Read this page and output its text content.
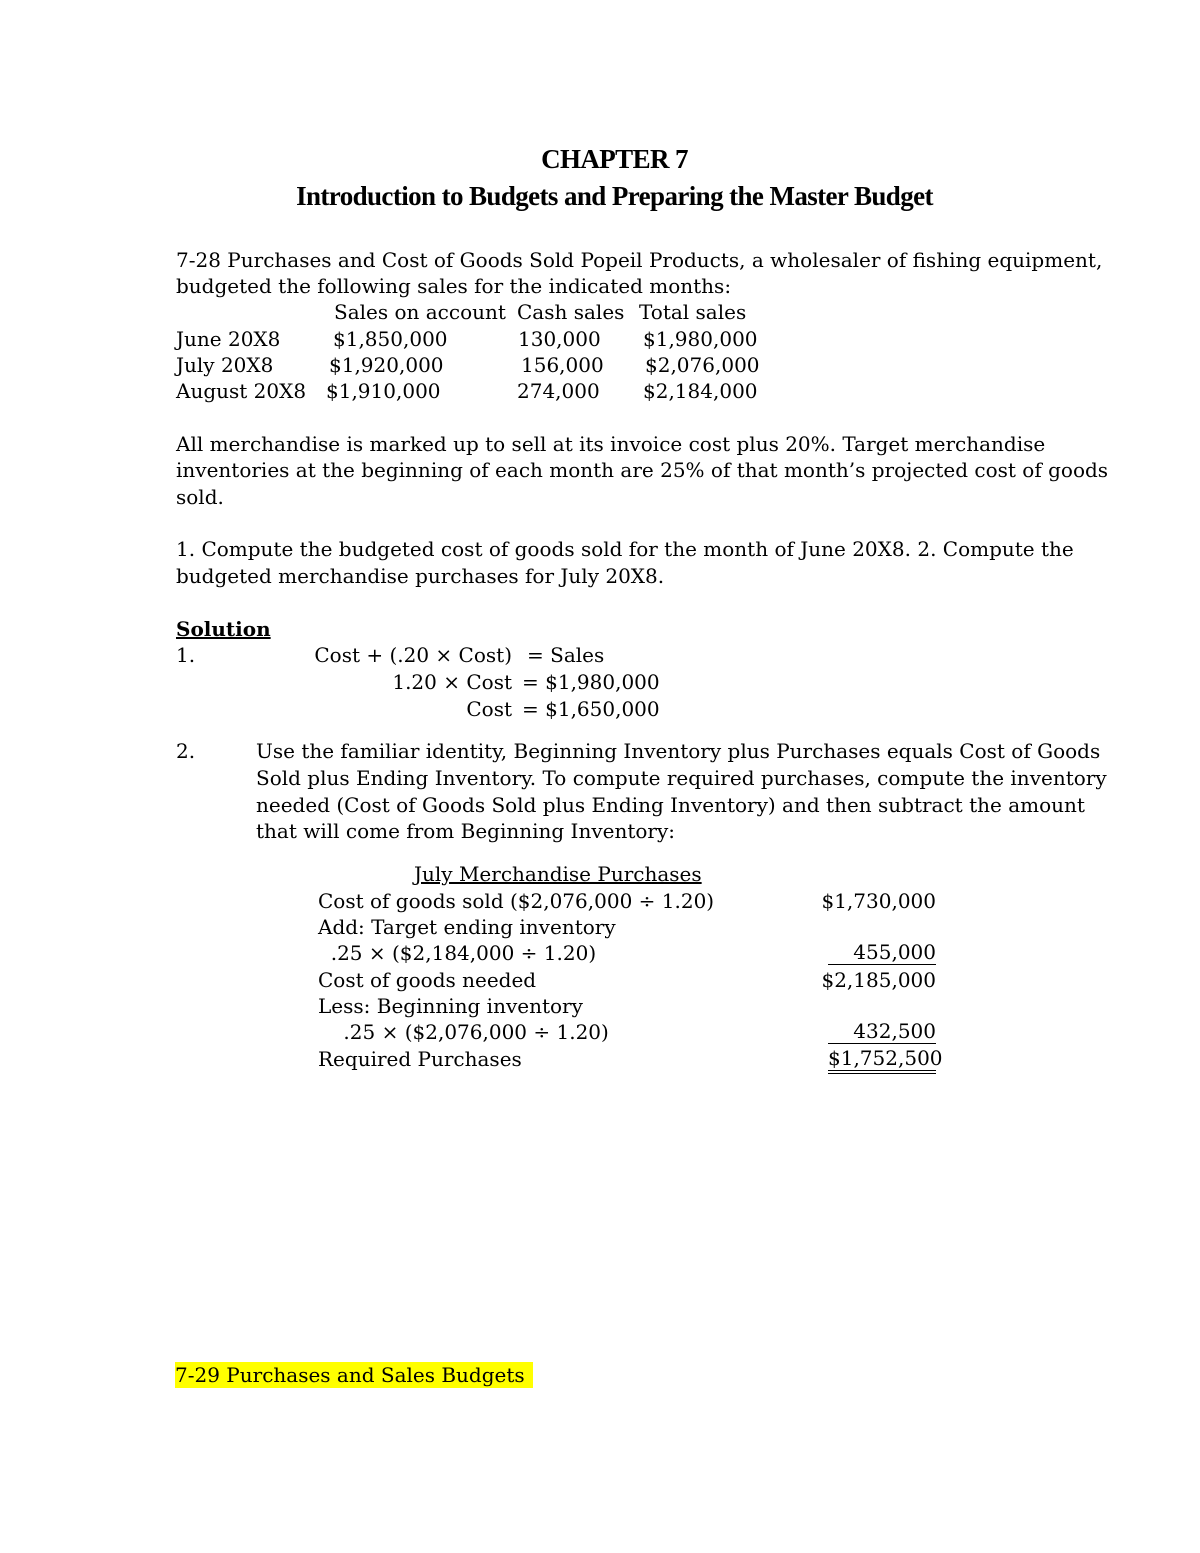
CHAPTER 7
Introduction to Budgets and Preparing the Master Budget
7-28 Purchases and Cost of Goods Sold Popeil Products, a wholesaler of fishing equipment,
budgeted the following sales for the indicated months:
Sales on account Cash sales Total sales
June 20X8	$1,850,000	130,000 $1,980,000
July 20X8	$1,920,000	156,000 $2,076,000
August 20X8 $1,910,000	274,000 $2,184,000
All merchandise is marked up to sell at its invoice cost plus 20%. Target merchandise
inventories at the beginning of each month are 25% of that month’s projected cost of goods
sold.
1. Compute the budgeted cost of goods sold for the month of June 20X8. 2. Compute the
budgeted merchandise purchases for July 20X8.
Solution
1.	Cost + (.20 × Cost) = Sales
1.20 × Cost = $1,980,000
Cost = $1,650,000
2.	Use the familiar identity, Beginning Inventory plus Purchases equals Cost of Goods
Sold plus Ending Inventory. To compute required purchases, compute the inventory
needed (Cost of Goods Sold plus Ending Inventory) and then subtract the amount
that will come from Beginning Inventory:
July Merchandise Purchases
Cost of goods sold ($2,076,000 ÷ 1.20)	$1,730,000
Add: Target ending inventory
.25 × ($2,184,000 ÷ 1.20)	455,000
Cost of goods needed	$2,185,000
Less: Beginning inventory
.25 × ($2,076,000 ÷ 1.20)	432,500
Required Purchases	$1,752,500
7-29 Purchases and Sales Budgets
